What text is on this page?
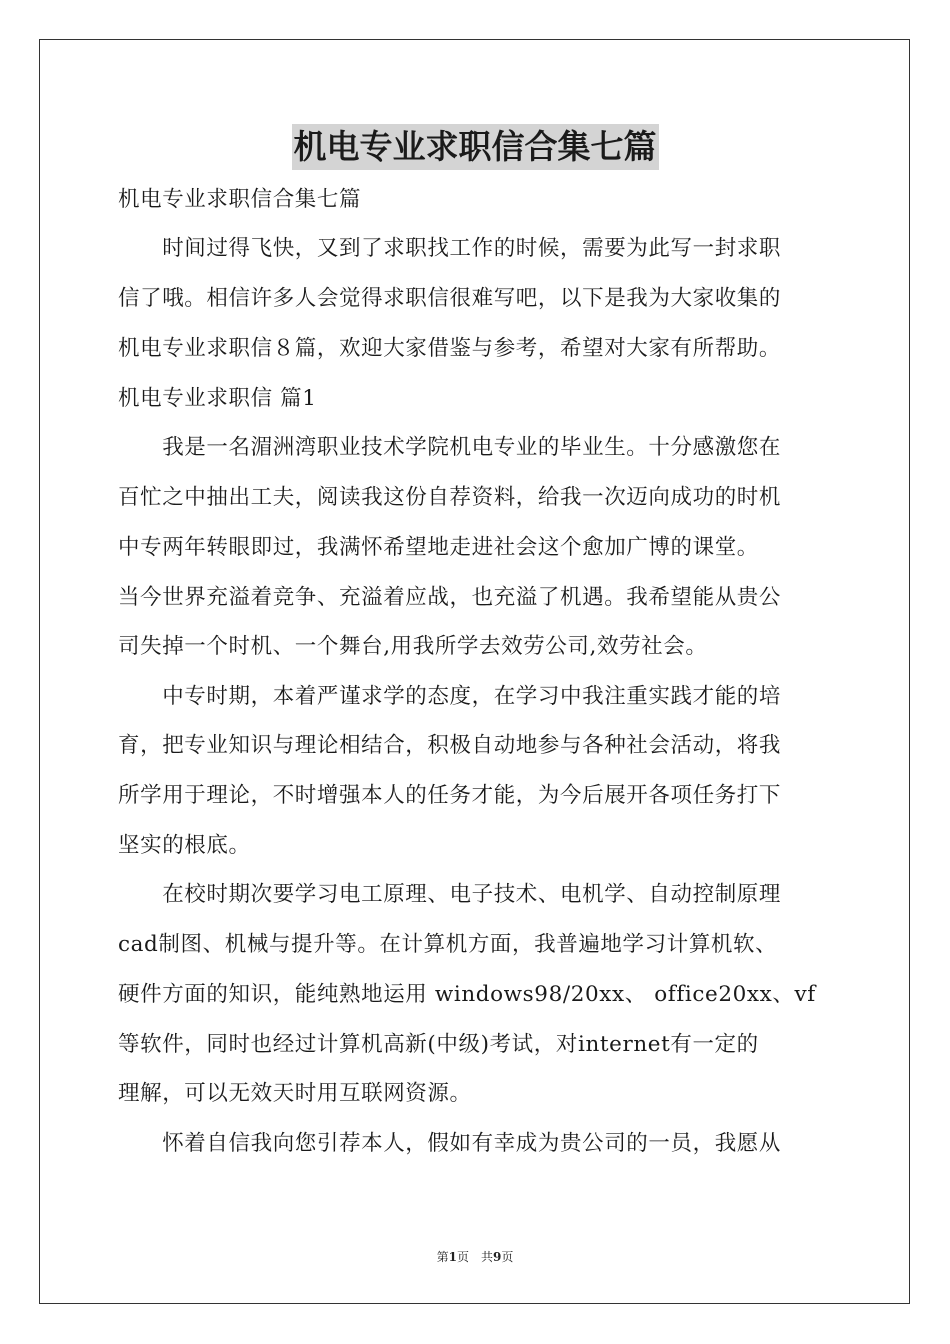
机电专业求职信合集七篇
机电专业求职信合集七篇
　　时间过得飞快，又到了求职找工作的时候，需要为此写一封求职
信了哦。相信许多人会觉得求职信很难写吧，以下是我为大家收集的
机电专业求职信８篇，欢迎大家借鉴与参考，希望对大家有所帮助。
机电专业求职信 篇1
　　我是一名湄洲湾职业技术学院机电专业的毕业生。十分感激您在
百忙之中抽出工夫，阅读我这份自荐资料，给我一次迈向成功的时机
中专两年转眼即过，我满怀希望地走进社会这个愈加广博的课堂。
当今世界充溢着竞争、充溢着应战，也充溢了机遇。我希望能从贵公
司失掉一个时机、一个舞台,用我所学去效劳公司,效劳社会。
　　中专时期，本着严谨求学的态度，在学习中我注重实践才能的培
育，把专业知识与理论相结合，积极自动地参与各种社会活动，将我
所学用于理论，不时增强本人的任务才能，为今后展开各项任务打下
坚实的根底。
　　在校时期次要学习电工原理、电子技术、电机学、自动控制原理
cad制图、机械与提升等。在计算机方面，我普遍地学习计算机软、
硬件方面的知识，能纯熟地运用 windows98/20xx、 office20xx、vf
等软件，同时也经过计算机高新(中级)考试，对internet有一定的
理解，可以无效天时用互联网资源。
　　怀着自信我向您引荐本人，假如有幸成为贵公司的一员，我愿从
第1页　共9页
